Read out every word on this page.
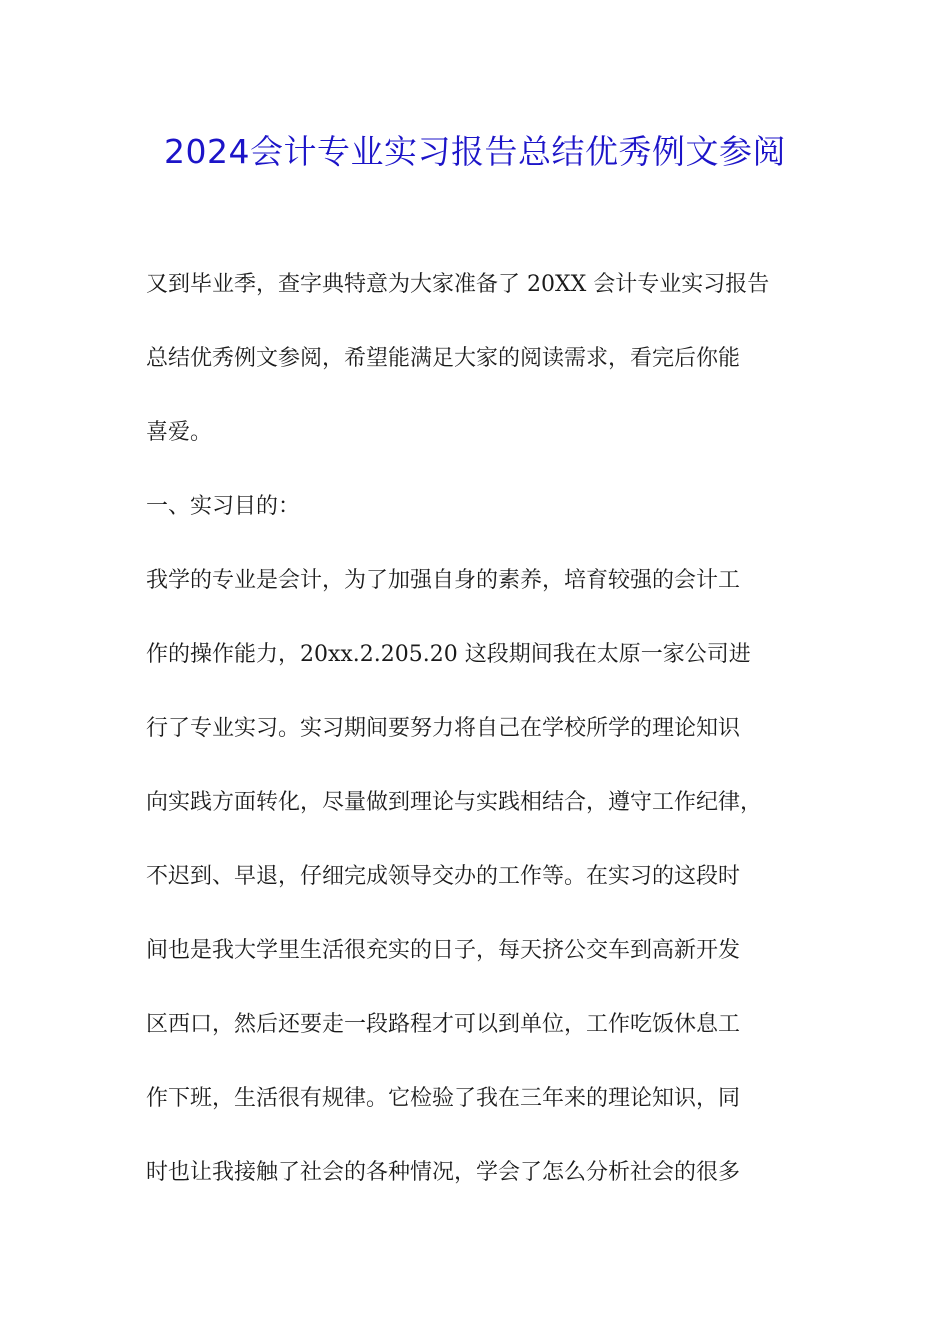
2024会计专业实习报告总结优秀例文参阅
又到毕业季，查字典特意为大家准备了 20XX 会计专业实习报告
总结优秀例文参阅，希望能满足大家的阅读需求，看完后你能
喜爱。
一、实习目的：
我学的专业是会计，为了加强自身的素养，培育较强的会计工
作的操作能力，20xx.2.205.20 这段期间我在太原一家公司进
行了专业实习。实习期间要努力将自己在学校所学的理论知识
向实践方面转化，尽量做到理论与实践相结合，遵守工作纪律，
不迟到、早退，仔细完成领导交办的工作等。在实习的这段时
间也是我大学里生活很充实的日子，每天挤公交车到高新开发
区西口，然后还要走一段路程才可以到单位，工作吃饭休息工
作下班，生活很有规律。它检验了我在三年来的理论知识，同
时也让我接触了社会的各种情况，学会了怎么分析社会的很多
